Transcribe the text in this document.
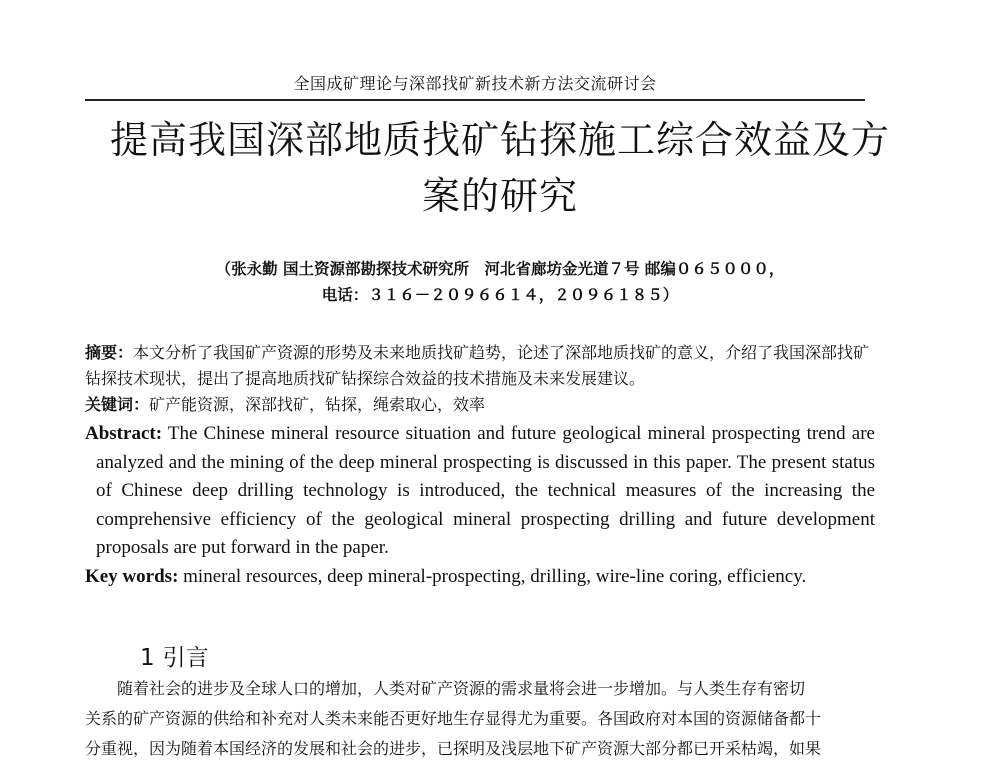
全国成矿理论与深部找矿新技术新方法交流研讨会
提高我国深部地质找矿钻探施工综合效益及方
案的研究
（张永勤 国土资源部勘探技术研究所　河北省廊坊金光道７号 邮编０６５０００，
电话：３１６－２０９６６１４，２０９６１８５）

摘要：本文分析了我国矿产资源的形势及未来地质找矿趋势，论述了深部地质找矿的意义，介绍了我国深部找矿钻探技术现状，提出了提高地质找矿钻探综合效益的技术措施及未来发展建议。

关键词：矿产能资源，深部找矿，钻探，绳索取心，效率

Abstract: The Chinese mineral resource situation and future geological mineral prospecting trend are analyzed and the mining of the deep mineral prospecting is discussed in this paper. The present status of Chinese deep drilling technology is introduced, the technical measures of the increasing the comprehensive efficiency of the geological mineral prospecting drilling and future development proposals are put forward in the paper.

Key words: mineral resources, deep mineral-prospecting, drilling, wire-line coring, efficiency.

1 引言
随着社会的进步及全球人口的增加，人类对矿产资源的需求量将会进一步增加。与人类生存有密切
关系的矿产资源的供给和补充对人类未来能否更好地生存显得尤为重要。各国政府对本国的资源储备都十
分重视，因为随着本国经济的发展和社会的进步，已探明及浅层地下矿产资源大部分都已开采枯竭，如果
